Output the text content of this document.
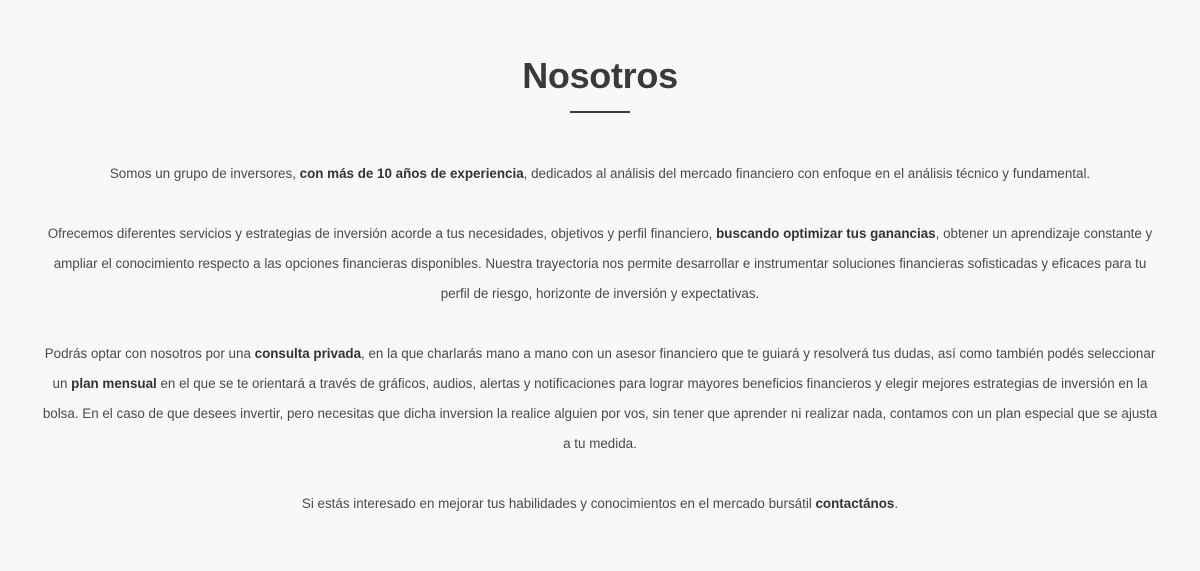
Nosotros

Somos un grupo de inversores, con más de 10 años de experiencia, dedicados al análisis del mercado financiero con enfoque en el análisis técnico y fundamental.

Ofrecemos diferentes servicios y estrategias de inversión acorde a tus necesidades, objetivos y perfil financiero, buscando optimizar tus ganancias, obtener un aprendizaje constante y ampliar el conocimiento respecto a las opciones financieras disponibles. Nuestra trayectoria nos permite desarrollar e instrumentar soluciones financieras sofisticadas y eficaces para tu perfil de riesgo, horizonte de inversión y expectativas.

Podrás optar con nosotros por una consulta privada, en la que charlarás mano a mano con un asesor financiero que te guiará y resolverá tus dudas, así como también podés seleccionar un plan mensual en el que se te orientará a través de gráficos, audios, alertas y notificaciones para lograr mayores beneficios financieros y elegir mejores estrategias de inversión en la bolsa. En el caso de que desees invertir, pero necesitas que dicha inversion la realice alguien por vos, sin tener que aprender ni realizar nada, contamos con un plan especial que se ajusta a tu medida.

Si estás interesado en mejorar tus habilidades y conocimientos en el mercado bursátil contactános.
